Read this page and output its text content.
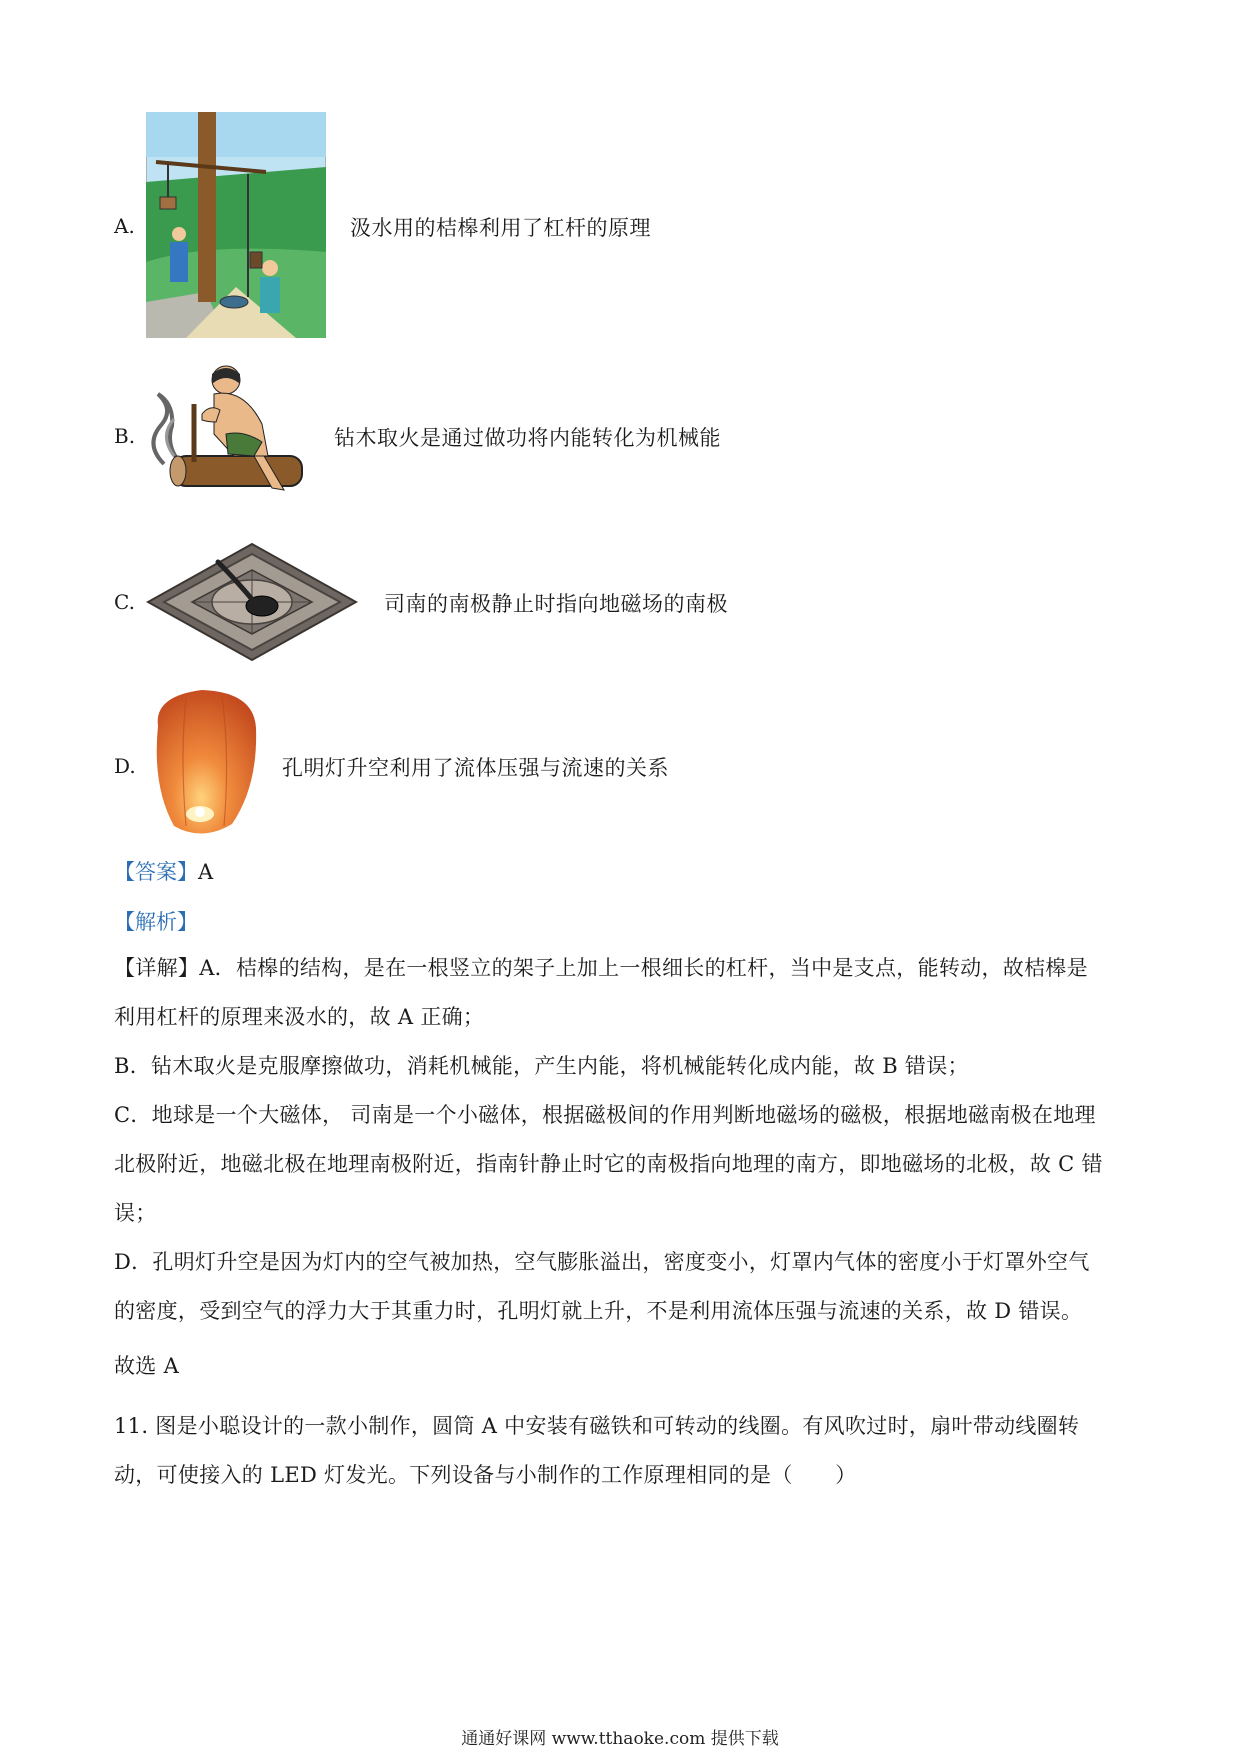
A.	汲水用的桔槔利用了杠杆的原理
B.	钻木取火是通过做功将内能转化为机械能
C.	司南的南极静止时指向地磁场的南极
D.	孔明灯升空利用了流体压强与流速的关系
【答案】A
【解析】
【详解】A．桔槔的结构，是在一根竖立的架子上加上一根细长的杠杆，当中是支点，能转动，故桔槔是
利用杠杆的原理来汲水的，故 A 正确；
B．钻木取火是克服摩擦做功，消耗机械能，产生内能，将机械能转化成内能，故 B 错误；
C．地球是一个大磁体， 司南是一个小磁体，根据磁极间的作用判断地磁场的磁极，根据地磁南极在地理
北极附近，地磁北极在地理南极附近，指南针静止时它的南极指向地理的南方，即地磁场的北极，故 C 错
误；
D．孔明灯升空是因为灯内的空气被加热，空气膨胀溢出，密度变小，灯罩内气体的密度小于灯罩外空气
的密度，受到空气的浮力大于其重力时，孔明灯就上升，不是利用流体压强与流速的关系，故 D 错误。
故选 A
11. 图是小聪设计的一款小制作，圆筒 A 中安装有磁铁和可转动的线圈。有风吹过时，扇叶带动线圈转
动，可使接入的 LED 灯发光。下列设备与小制作的工作原理相同的是（　　）
通通好课网 www.tthaoke.com 提供下载
